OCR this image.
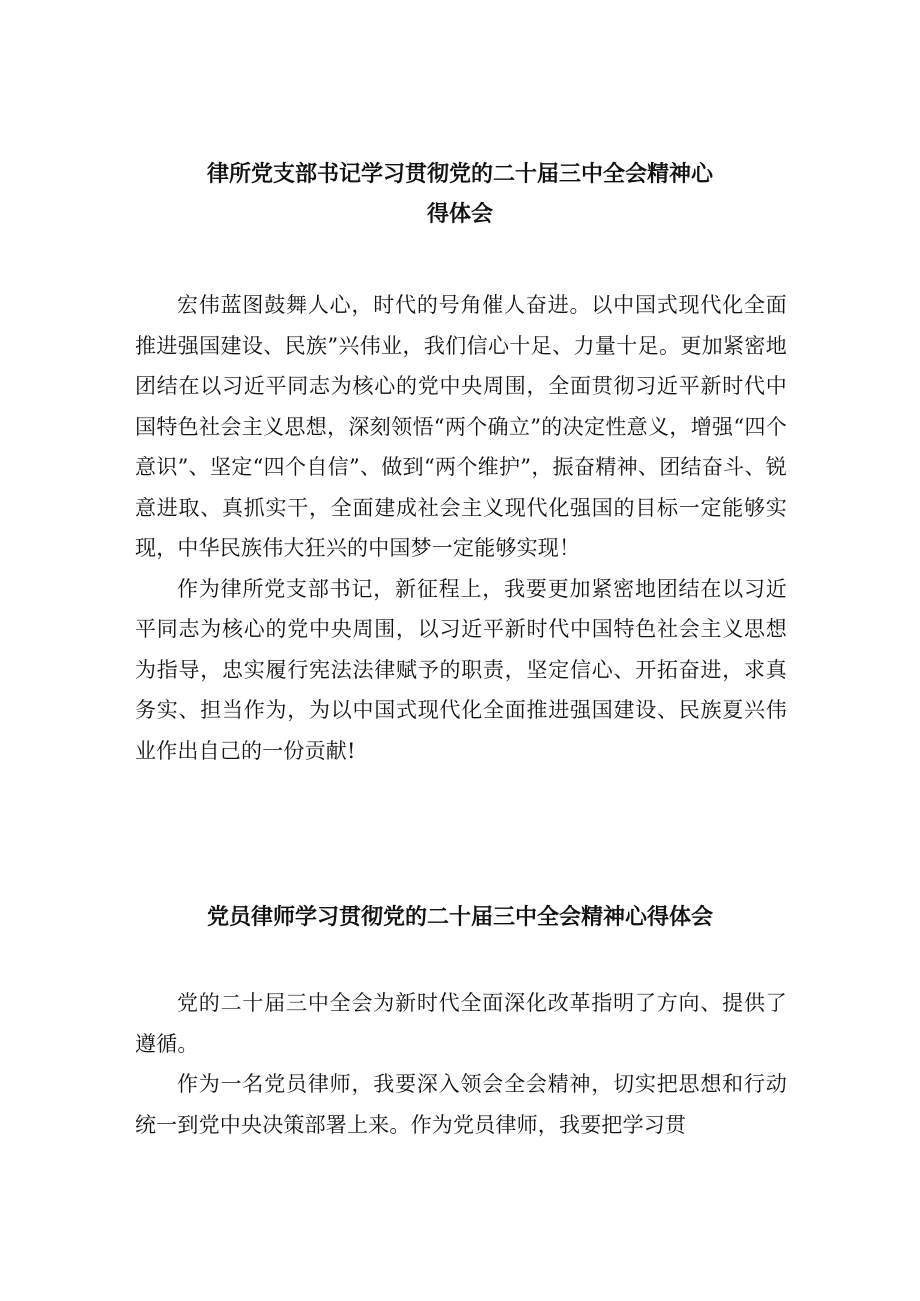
律所党支部书记学习贯彻党的二十届三中全会精神心
得体会

宏伟蓝图鼓舞人心，时代的号角催人奋进。以中国式现代化全面推进强国建设、民族”兴伟业，我们信心十足、力量十足。更加紧密地团结在以习近平同志为核心的党中央周围，全面贯彻习近平新时代中国特色社会主义思想，深刻领悟“两个确立”的决定性意义，增强“四个意识”、坚定“四个自信”、做到“两个维护”，振奋精神、团结奋斗、锐意进取、真抓实干，全面建成社会主义现代化强国的目标一定能够实现，中华民族伟大狂兴的中国梦一定能够实现！

作为律所党支部书记，新征程上，我要更加紧密地团结在以习近平同志为核心的党中央周围，以习近平新时代中国特色社会主义思想为指导，忠实履行宪法法律赋予的职责，坚定信心、开拓奋进，求真务实、担当作为，为以中国式现代化全面推进强国建设、民族夏兴伟业作出自己的一份贡献!

党员律师学习贯彻党的二十届三中全会精神心得体会

党的二十届三中全会为新时代全面深化改革指明了方向、提供了遵循。

作为一名党员律师，我要深入领会全会精神，切实把思想和行动统一到党中央决策部署上来。作为党员律师，我要把学习贯
